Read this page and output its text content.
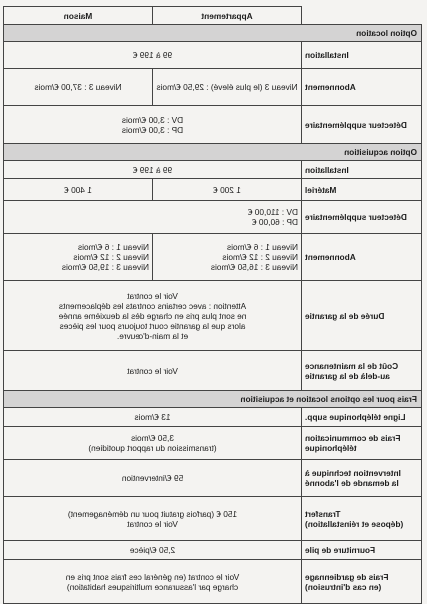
	Appartement	Maison
Option location		
Installation	99 à 199 €	
Abonnement	Niveau 3 (le plus élevé) : 29,50 €/mois	Niveau 3 : 37,00 €/mois
Détecteur supplémentaire	DV : 3,00 €/mois
DP : 3,00 €/mois	

Option acquisition		
Installation	99 à 199 €	
Matériel	1 200 €	1 400 €
Détecteur supplémentaire	DV : 110,00 €
DP : 60,00 €	

Abonnement	Niveau 1 : 6 €/mois
Niveau 2 : 12 €/mois
Niveau 3 : 16,50 €/mois	Niveau 1 : 6 €/mois
Niveau 2 : 12 €/mois
Niveau 3 : 19,50 €/mois

Durée de la garantie	Voir le contrat
Attention : avec certains contrats les déplacements
ne sont plus pris en charge dès la deuxième année
alors que la garantie court toujours pour les pièces
et la main-d'œuvre.	

Coût de la maintenance
au-delà de la garantie	Voir le contrat	
Frais pour les options location et acquisition		
Ligne téléphonique supp.	13 €/mois	

Frais de communication
téléphonique	3,50 €/mois
(transmission du rapport quotidien)	

Intervention technique à
la demande de l'abonné	59 €/intervention	

Transfert
(dépose et réinstallation)	150 € (parfois gratuit pour un déménagement)
Voir le contrat	

Fourniture de pile	2,50 €/pièce	

Frais de gardiennage
(en cas d'intrusion)	Voir le contrat (en général ces frais sont pris en
charge par l'assurance multirisques habitation)	
